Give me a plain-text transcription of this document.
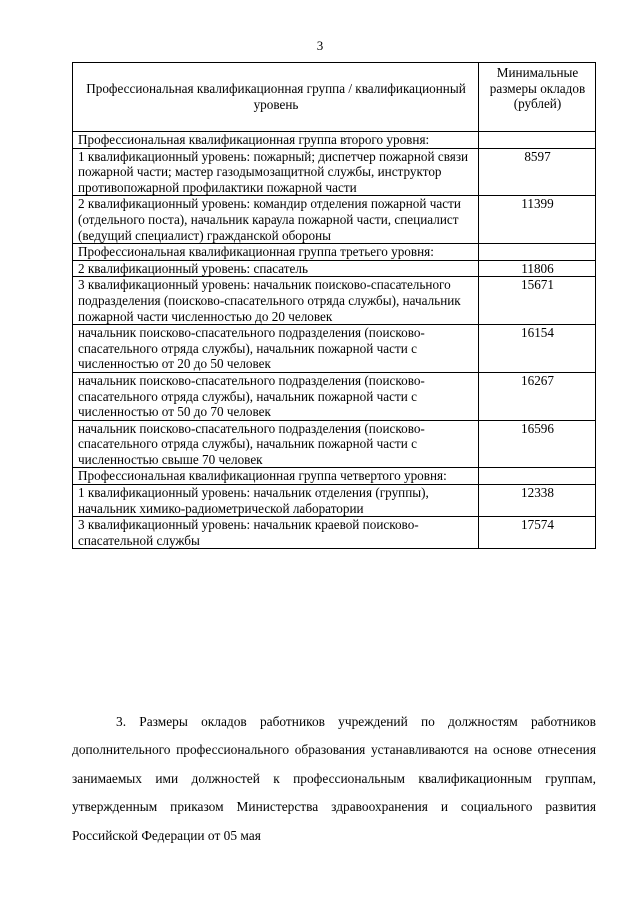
3
Профессиональная квалификационная группа / квалификационный уровень	Минимальные размеры окладов (рублей)
Профессиональная квалификационная группа второго уровня:	
1 квалификационный уровень: пожарный; диспетчер пожарной связи пожарной части; мастер газодымозащитной службы, инструктор противопожарной профилактики пожарной части	8597
2 квалификационный уровень: командир отделения пожарной части (отдельного поста), начальник караула пожарной части, специалист (ведущий специалист) гражданской обороны	11399
Профессиональная квалификационная группа третьего уровня:	
2 квалификационный уровень: спасатель	11806
3 квалификационный уровень: начальник поисково-спасательного подразделения (поисково-спасательного отряда службы), начальник пожарной части численностью до 20 человек	15671
начальник поисково-спасательного подразделения (поисково-спасательного отряда службы), начальник пожарной части с численностью от 20 до 50 человек	16154
начальник поисково-спасательного подразделения (поисково-спасательного отряда службы), начальник пожарной части с численностью от 50 до 70 человек	16267
начальник поисково-спасательного подразделения (поисково-спасательного отряда службы), начальник пожарной части с численностью свыше 70 человек	16596
Профессиональная квалификационная группа четвертого уровня:	
1 квалификационный уровень: начальник отделения (группы), начальник химико-радиометрической лаборатории	12338
3 квалификационный уровень: начальник краевой поисково-спасательной службы	17574

3. Размеры окладов работников учреждений по должностям работников дополнительного профессионального образования устанавливаются на основе отнесения занимаемых ими должностей к профессиональным квалификационным группам, утвержденным приказом Министерства здравоохранения и социального развития Российской Федерации от 05 мая
